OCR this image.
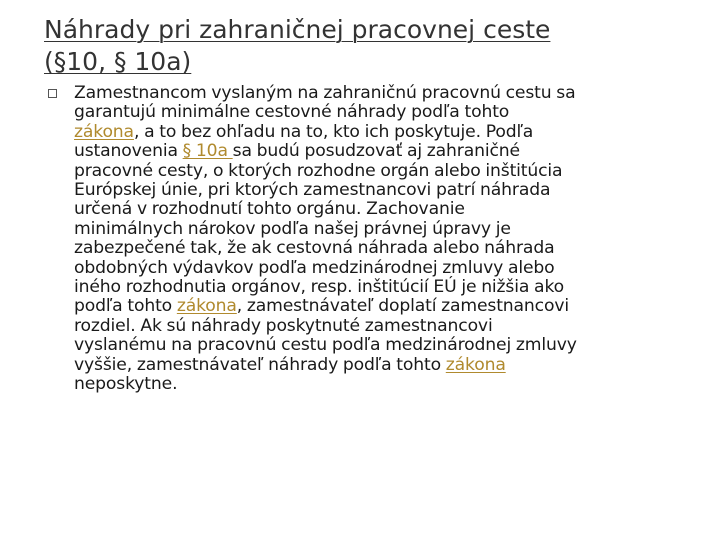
Náhrady pri zahraničnej pracovnej ceste
(§10, § 10a)

Zamestnancom vyslaným na zahraničnú pracovnú cestu sa
garantujú minimálne cestovné náhrady podľa tohto
zákona, a to bez ohľadu na to, kto ich poskytuje. Podľa
ustanovenia § 10a sa budú posudzovať aj zahraničné
pracovné cesty, o ktorých rozhodne orgán alebo inštitúcia
Európskej únie, pri ktorých zamestnancovi patrí náhrada
určená v rozhodnutí tohto orgánu. Zachovanie
minimálnych nárokov podľa našej právnej úpravy je
zabezpečené tak, že ak cestovná náhrada alebo náhrada
obdobných výdavkov podľa medzinárodnej zmluvy alebo
iného rozhodnutia orgánov, resp. inštitúcií EÚ je nižšia ako
podľa tohto zákona, zamestnávateľ doplatí zamestnancovi
rozdiel. Ak sú náhrady poskytnuté zamestnancovi
vyslanému na pracovnú cestu podľa medzinárodnej zmluvy
vyššie, zamestnávateľ náhrady podľa tohto zákona
neposkytne.
